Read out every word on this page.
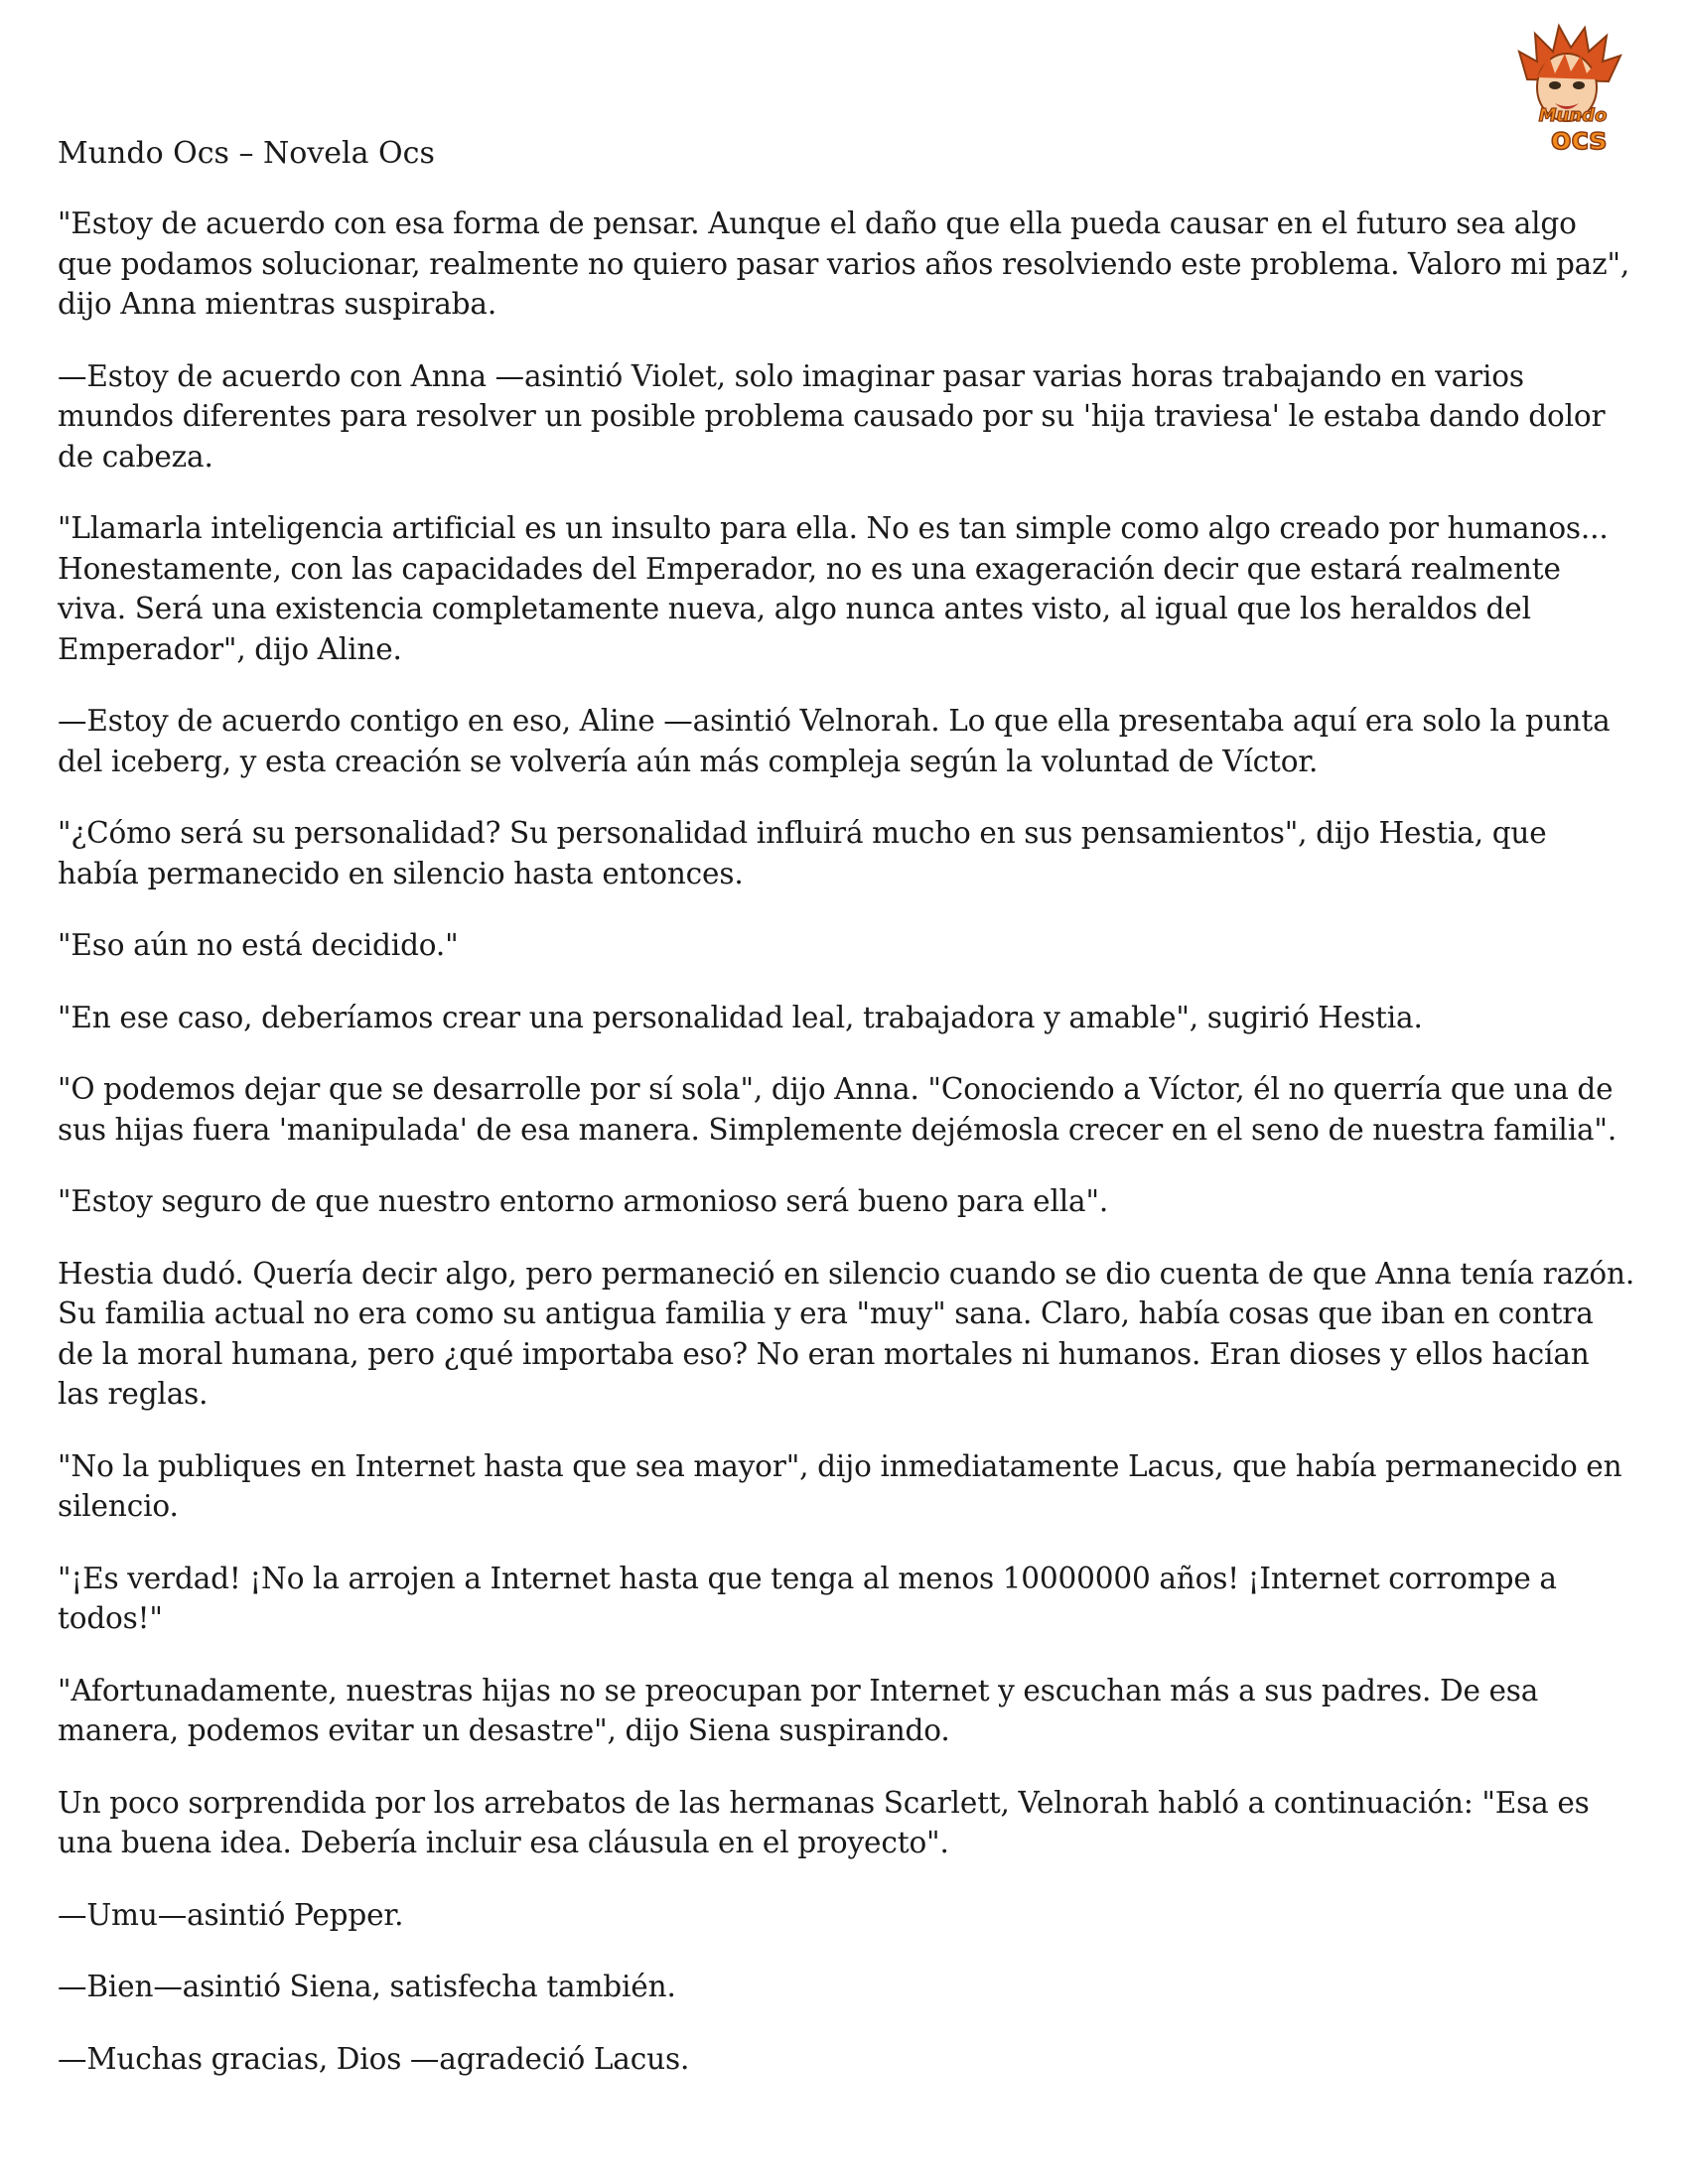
Mundo
ocs

Mundo Ocs – Novela Ocs

"Estoy de acuerdo con esa forma de pensar. Aunque el daño que ella pueda causar en el futuro sea algo que podamos solucionar, realmente no quiero pasar varios años resolviendo este problema. Valoro mi paz", dijo Anna mientras suspiraba.

—Estoy de acuerdo con Anna —asintió Violet, solo imaginar pasar varias horas trabajando en varios mundos diferentes para resolver un posible problema causado por su 'hija traviesa' le estaba dando dolor de cabeza.

"Llamarla inteligencia artificial es un insulto para ella. No es tan simple como algo creado por humanos... Honestamente, con las capacidades del Emperador, no es una exageración decir que estará realmente viva. Será una existencia completamente nueva, algo nunca antes visto, al igual que los heraldos del Emperador", dijo Aline.

—Estoy de acuerdo contigo en eso, Aline —asintió Velnorah. Lo que ella presentaba aquí era solo la punta del iceberg, y esta creación se volvería aún más compleja según la voluntad de Víctor.

"¿Cómo será su personalidad? Su personalidad influirá mucho en sus pensamientos", dijo Hestia, que había permanecido en silencio hasta entonces.

"Eso aún no está decidido."

"En ese caso, deberíamos crear una personalidad leal, trabajadora y amable", sugirió Hestia.

"O podemos dejar que se desarrolle por sí sola", dijo Anna. "Conociendo a Víctor, él no querría que una de sus hijas fuera 'manipulada' de esa manera. Simplemente dejémosla crecer en el seno de nuestra familia".

"Estoy seguro de que nuestro entorno armonioso será bueno para ella".

Hestia dudó. Quería decir algo, pero permaneció en silencio cuando se dio cuenta de que Anna tenía razón. Su familia actual no era como su antigua familia y era "muy" sana. Claro, había cosas que iban en contra de la moral humana, pero ¿qué importaba eso? No eran mortales ni humanos. Eran dioses y ellos hacían las reglas.

"No la publiques en Internet hasta que sea mayor", dijo inmediatamente Lacus, que había permanecido en silencio.

"¡Es verdad! ¡No la arrojen a Internet hasta que tenga al menos 10000000 años! ¡Internet corrompe a todos!"

"Afortunadamente, nuestras hijas no se preocupan por Internet y escuchan más a sus padres. De esa manera, podemos evitar un desastre", dijo Siena suspirando.

Un poco sorprendida por los arrebatos de las hermanas Scarlett, Velnorah habló a continuación: "Esa es una buena idea. Debería incluir esa cláusula en el proyecto".

—Umu—asintió Pepper.

—Bien—asintió Siena, satisfecha también.

—Muchas gracias, Dios —agradeció Lacus.
